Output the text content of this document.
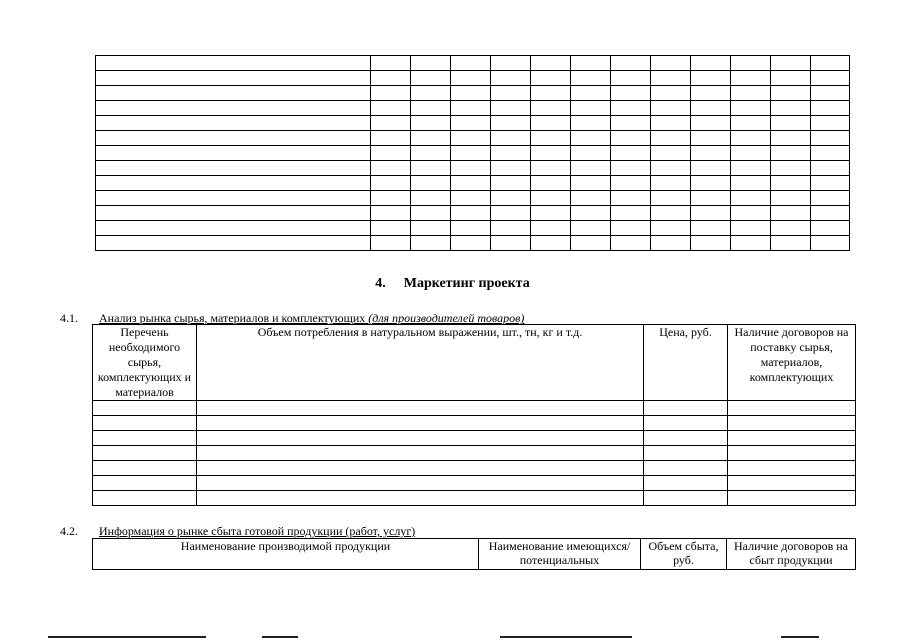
4. Маркетинг проекта
4.1. Анализ рынка сырья, материалов и комплектующих (для производителей товаров)
Перечень необходимого сырья, комплектующих и материалов	Объем потребления в натуральном выражении, шт., тн, кг и т.д.	Цена, руб.	Наличие договоров на поставку сырья, материалов, комплектующих

4.2. Информация о рынке сбыта готовой продукции (работ, услуг)
Наименование производимой продукции	Наименование имеющихся/потенциальных	Объем сбыта, руб.	Наличие договоров на сбыт продукции
